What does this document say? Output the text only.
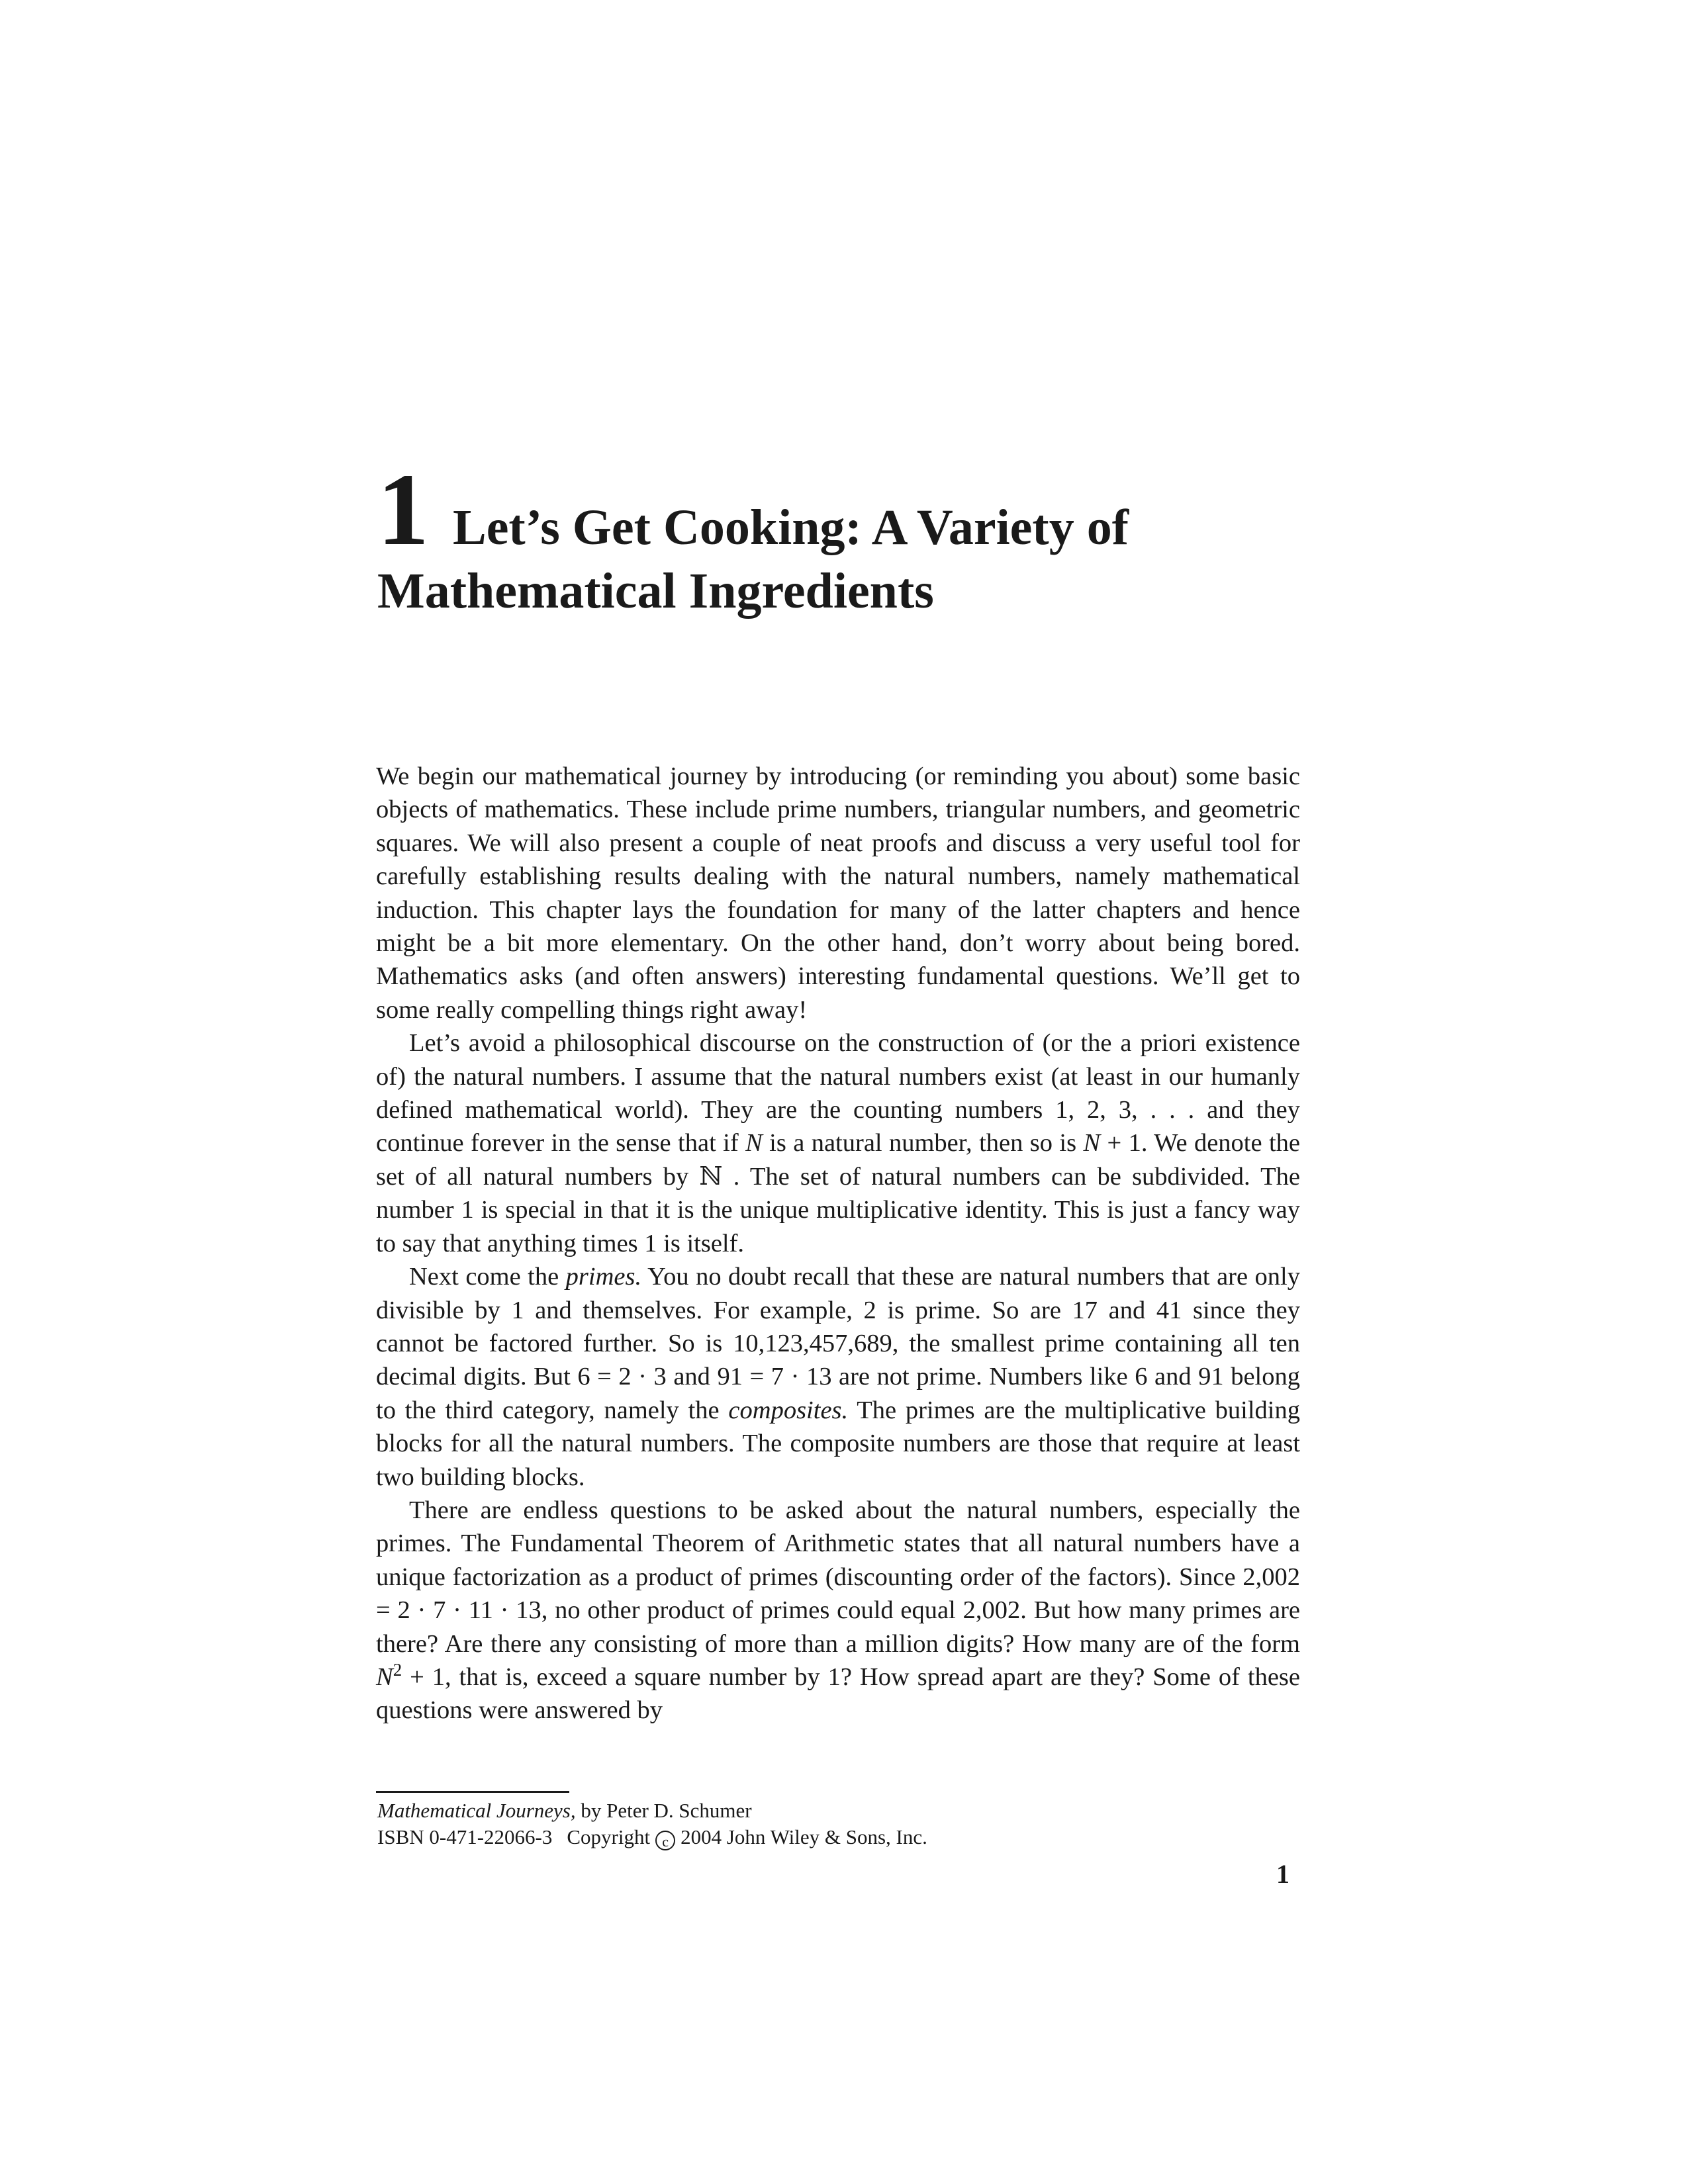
1 Let’s Get Cooking: A Variety of Mathematical Ingredients

We begin our mathematical journey by introducing (or reminding you about) some basic objects of mathematics. These include prime numbers, triangular numbers, and geometric squares. We will also present a couple of neat proofs and discuss a very useful tool for carefully establishing results dealing with the natural numbers, namely mathematical induction. This chapter lays the foundation for many of the latter chapters and hence might be a bit more elementary. On the other hand, don’t worry about being bored. Mathematics asks (and often answers) interesting fundamental questions. We’ll get to some really compelling things right away!

Let’s avoid a philosophical discourse on the construction of (or the a priori existence of) the natural numbers. I assume that the natural numbers exist (at least in our humanly defined mathematical world). They are the counting numbers 1, 2, 3, . . . and they continue forever in the sense that if N is a natural number, then so is N + 1. We denote the set of all natural numbers by ℕ . The set of natural numbers can be subdivided. The number 1 is special in that it is the unique multiplicative identity. This is just a fancy way to say that anything times 1 is itself.

Next come the primes. You no doubt recall that these are natural numbers that are only divisible by 1 and themselves. For example, 2 is prime. So are 17 and 41 since they cannot be factored further. So is 10,123,457,689, the smallest prime containing all ten decimal digits. But 6 = 2 · 3 and 91 = 7 · 13 are not prime. Numbers like 6 and 91 belong to the third category, namely the composites. The primes are the multiplicative building blocks for all the natural numbers. The composite numbers are those that require at least two building blocks.

There are endless questions to be asked about the natural numbers, especially the primes. The Fundamental Theorem of Arithmetic states that all natural numbers have a unique factorization as a product of primes (discounting order of the factors). Since 2,002 = 2 · 7 · 11 · 13, no other product of primes could equal 2,002. But how many primes are there? Are there any consisting of more than a million digits? How many are of the form $N^2 + 1$, that is, exceed a square number by 1? How spread apart are they? Some of these questions were answered by

Mathematical Journeys, by Peter D. Schumer
ISBN 0-471-22066-3 Copyright c 2004 John Wiley & Sons, Inc.
1
